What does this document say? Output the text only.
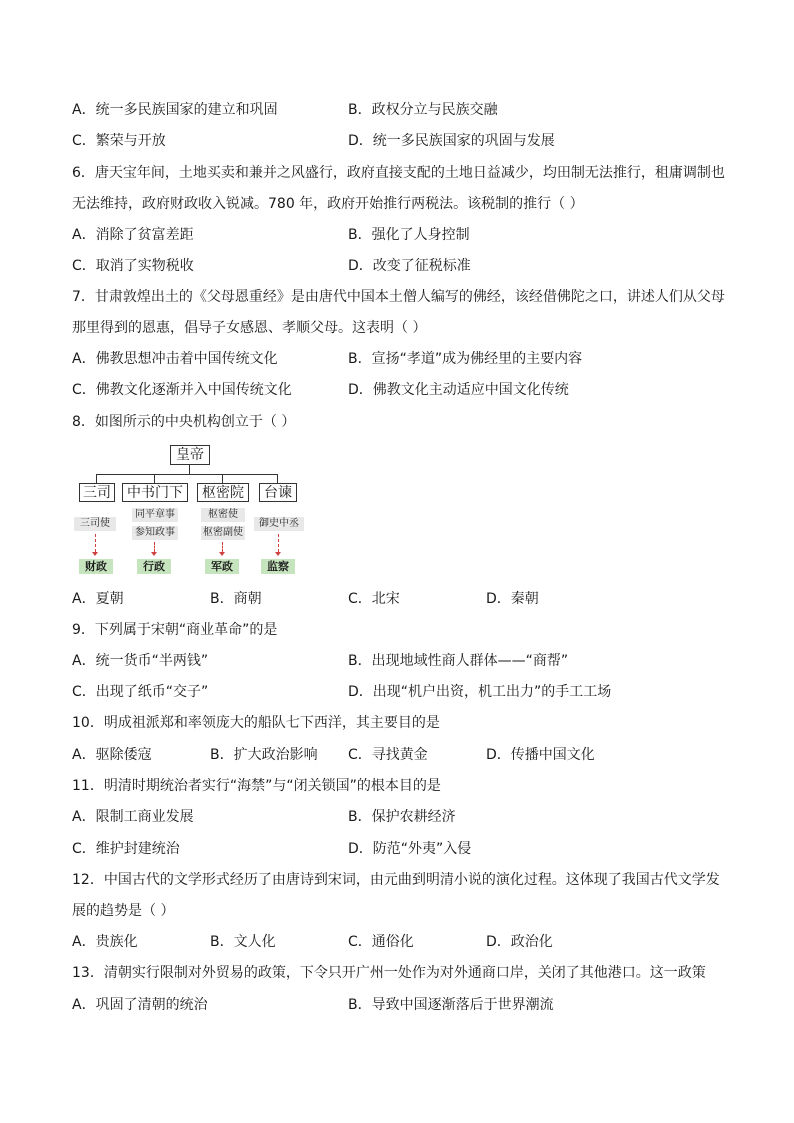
A．统一多民族国家的建立和巩固	B．政权分立与民族交融
C．繁荣与开放	D．统一多民族国家的巩固与发展
6．唐天宝年间，土地买卖和兼并之风盛行，政府直接支配的土地日益减少，均田制无法推行，租庸调制也
无法维持，政府财政收入锐减。780 年，政府开始推行两税法。该税制的推行（ ）
A．消除了贫富差距	B．强化了人身控制
C．取消了实物税收	D．改变了征税标准
7．甘肃敦煌出土的《父母恩重经》是由唐代中国本土僧人编写的佛经，该经借佛陀之口，讲述人们从父母
那里得到的恩惠，倡导子女感恩、孝顺父母。这表明（ ）
A．佛教思想冲击着中国传统文化	B．宣扬“孝道”成为佛经里的主要内容
C．佛教文化逐渐并入中国传统文化	D．佛教文化主动适应中国文化传统
8．如图所示的中央机构创立于（ ）
皇帝
三司	中书门下	枢密院	台谏
三司使
同平章事
参知政事
枢密使
枢密副使
御史中丞
财政	行政	军政	监察
A．夏朝	B．商朝	C．北宋	D．秦朝
9．下列属于宋朝“商业革命”的是
A．统一货币“半两钱”	B．出现地域性商人群体——“商帮”
C．出现了纸币“交子”	D．出现“机户出资，机工出力”的手工工场
10．明成祖派郑和率领庞大的船队七下西洋，其主要目的是
A．驱除倭寇	B．扩大政治影响 C．寻找黄金	D．传播中国文化
11．明清时期统治者实行“海禁”与“闭关锁国”的根本目的是
A．限制工商业发展	B．保护农耕经济
C．维护封建统治	D．防范“外夷”入侵
12．中国古代的文学形式经历了由唐诗到宋词，由元曲到明清小说的演化过程。这体现了我国古代文学发
展的趋势是（ ）
A．贵族化	B．文人化	C．通俗化	D．政治化
13．清朝实行限制对外贸易的政策，下令只开广州一处作为对外通商口岸，关闭了其他港口。这一政策
A．巩固了清朝的统治	B．导致中国逐渐落后于世界潮流
